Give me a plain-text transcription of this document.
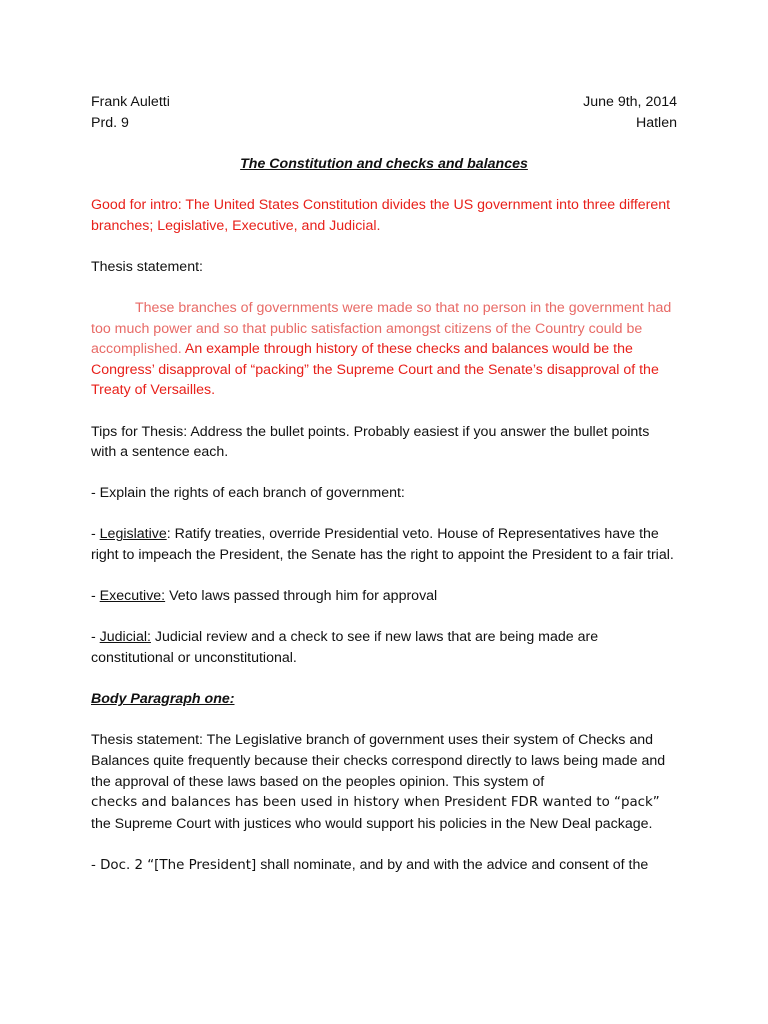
Frank Auletti	June 9th, 2014
Prd. 9	Hatlen

The Constitution and checks and balances

Good for intro: The United States Constitution divides the US government into three different branches; Legislative, Executive, and Judicial.

Thesis statement:

These branches of governments were made so that no person in the government had too much power and so that public satisfaction amongst citizens of the Country could be accomplished. An example through history of these checks and balances would be the Congress’ disapproval of “packing” the Supreme Court and the Senate’s disapproval of the Treaty of Versailles.

Tips for Thesis: Address the bullet points. Probably easiest if you answer the bullet points with a sentence each.

- Explain the rights of each branch of government:

- Legislative: Ratify treaties, override Presidential veto. House of Representatives have the right to impeach the President, the Senate has the right to appoint the President to a fair trial.

- Executive: Veto laws passed through him for approval

- Judicial: Judicial review and a check to see if new laws that are being made are constitutional or unconstitutional.

Body Paragraph one:

Thesis statement: The Legislative branch of government uses their system of Checks and Balances quite frequently because their checks correspond directly to laws being made and the approval of these laws based on the peoples opinion. This system of
checks and balances has been used in history when President FDR wanted to “pack”
the Supreme Court with justices who would support his policies in the New Deal package.

- Doc. 2 “[The President] shall nominate, and by and with the advice and consent of the
